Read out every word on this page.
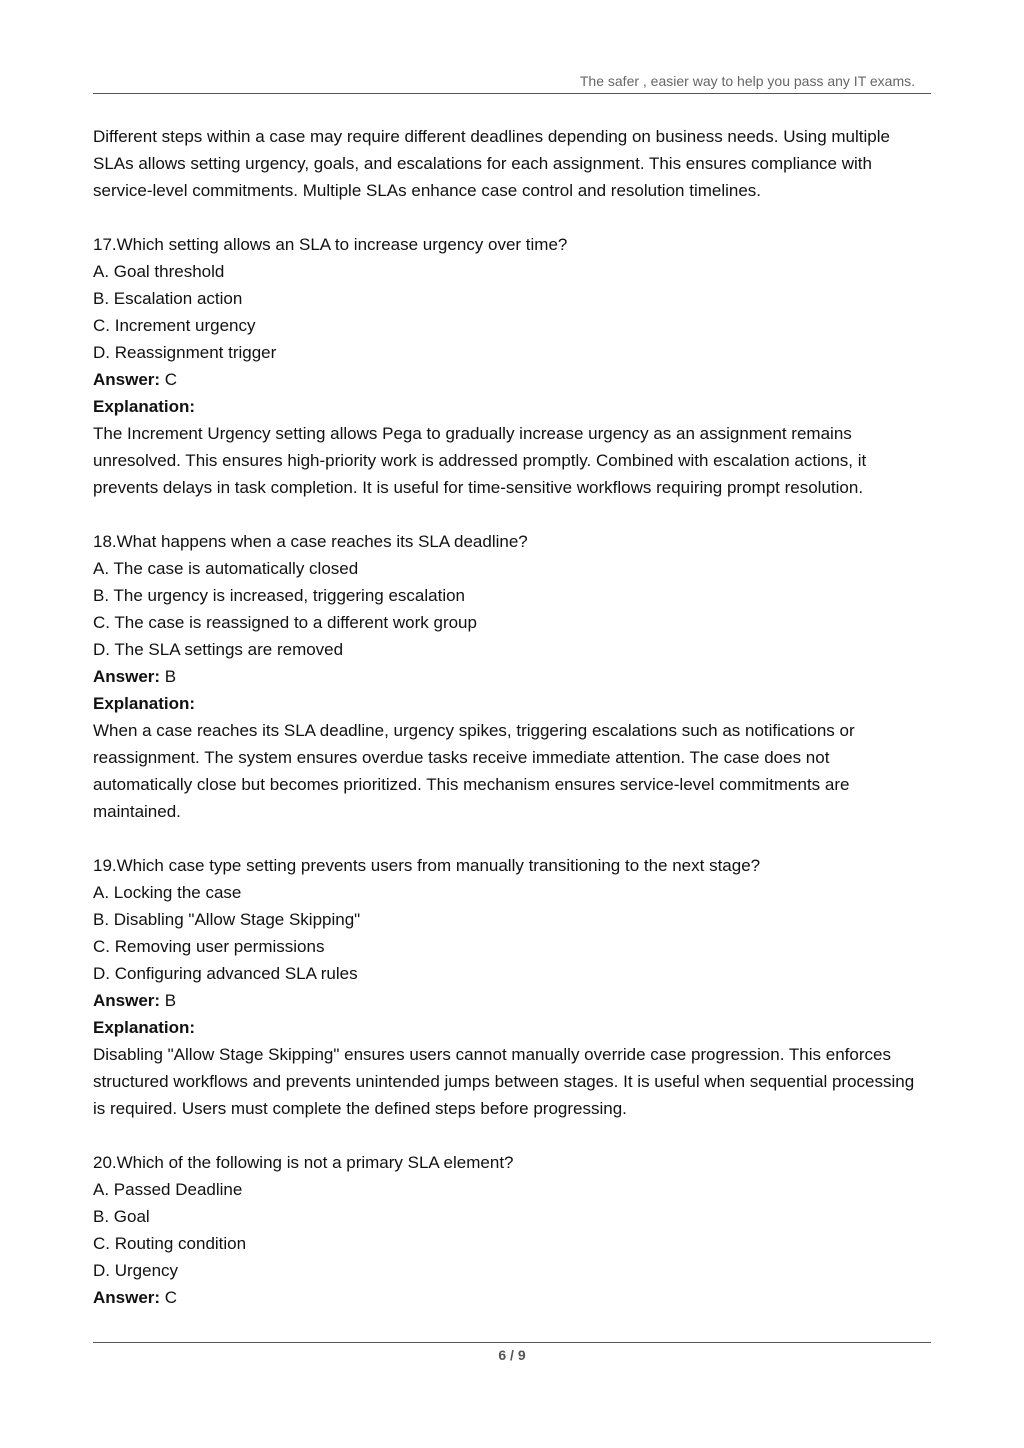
The safer , easier way to help you pass any IT exams.

Different steps within a case may require different deadlines depending on business needs. Using multiple SLAs allows setting urgency, goals, and escalations for each assignment. This ensures compliance with service-level commitments. Multiple SLAs enhance case control and resolution timelines.

17.Which setting allows an SLA to increase urgency over time?

A. Goal threshold

B. Escalation action

C. Increment urgency

D. Reassignment trigger

Answer: C

Explanation:

The Increment Urgency setting allows Pega to gradually increase urgency as an assignment remains unresolved. This ensures high-priority work is addressed promptly. Combined with escalation actions, it prevents delays in task completion. It is useful for time-sensitive workflows requiring prompt resolution.

18.What happens when a case reaches its SLA deadline?

A. The case is automatically closed

B. The urgency is increased, triggering escalation

C. The case is reassigned to a different work group

D. The SLA settings are removed

Answer: B

Explanation:

When a case reaches its SLA deadline, urgency spikes, triggering escalations such as notifications or reassignment. The system ensures overdue tasks receive immediate attention. The case does not automatically close but becomes prioritized. This mechanism ensures service-level commitments are maintained.

19.Which case type setting prevents users from manually transitioning to the next stage?

A. Locking the case

B. Disabling "Allow Stage Skipping"

C. Removing user permissions

D. Configuring advanced SLA rules

Answer: B

Explanation:

Disabling "Allow Stage Skipping" ensures users cannot manually override case progression. This enforces structured workflows and prevents unintended jumps between stages. It is useful when sequential processing is required. Users must complete the defined steps before progressing.

20.Which of the following is not a primary SLA element?

A. Passed Deadline

B. Goal

C. Routing condition

D. Urgency

Answer: C

6 / 9
